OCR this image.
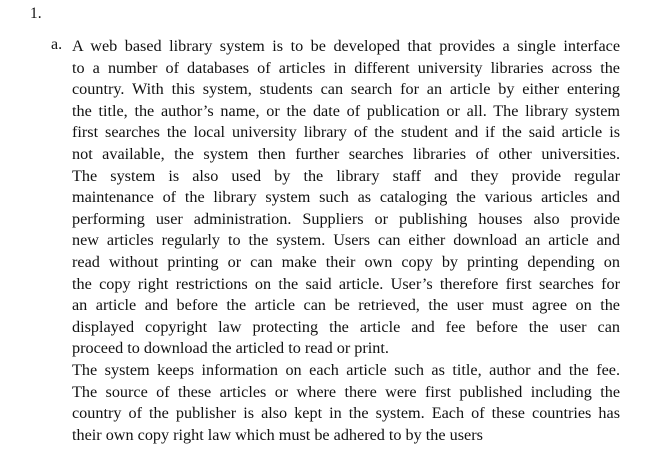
1.
a. A web based library system is to be developed that provides a single interface
to a number of databases of articles in different university libraries across the
country. With this system, students can search for an article by either entering
the title, the author’s name, or the date of publication or all. The library system
first searches the local university library of the student and if the said article is
not available, the system then further searches libraries of other universities.
The system is also used by the library staff and they provide regular
maintenance of the library system such as cataloging the various articles and
performing user administration. Suppliers or publishing houses also provide
new articles regularly to the system. Users can either download an article and
read without printing or can make their own copy by printing depending on
the copy right restrictions on the said article. User’s therefore first searches for
an article and before the article can be retrieved, the user must agree on the
displayed copyright law protecting the article and fee before the user can
proceed to download the articled to read or print.
The system keeps information on each article such as title, author and the fee.
The source of these articles or where there were first published including the
country of the publisher is also kept in the system. Each of these countries has
their own copy right law which must be adhered to by the users
